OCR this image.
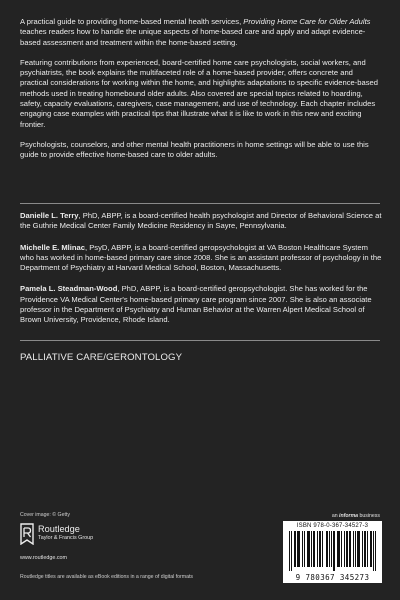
A practical guide to providing home-based mental health services, Providing Home Care for Older Adults teaches readers how to handle the unique aspects of home-based care and apply and adapt evidence-based assessment and treatment within the home-based setting.

Featuring contributions from experienced, board-certified home care psychologists, social workers, and psychiatrists, the book explains the multifaceted role of a home-based provider, offers concrete and practical considerations for working within the home, and highlights adaptations to specific evidence-based methods used in treating homebound older adults. Also covered are special topics related to hoarding, safety, capacity evaluations, caregivers, case management, and use of technology. Each chapter includes engaging case examples with practical tips that illustrate what it is like to work in this new and exciting frontier.

Psychologists, counselors, and other mental health practitioners in home settings will be able to use this guide to provide effective home-based care to older adults.

Danielle L. Terry, PhD, ABPP, is a board-certified health psychologist and Director of Behavioral Science at the Guthrie Medical Center Family Medicine Residency in Sayre, Pennsylvania.

Michelle E. Mlinac, PsyD, ABPP, is a board-certified geropsychologist at VA Boston Healthcare System who has worked in home-based primary care since 2008. She is an assistant professor of psychology in the Department of Psychiatry at Harvard Medical School, Boston, Massachusetts.

Pamela L. Steadman-Wood, PhD, ABPP, is a board-certified geropsychologist. She has worked for the Providence VA Medical Center's home-based primary care program since 2007. She is also an associate professor in the Department of Psychiatry and Human Behavior at the Warren Alpert Medical School of Brown University, Providence, Rhode Island.

PALLIATIVE CARE/GERONTOLOGY
Cover image: © Getty
Routledge
Taylor & Francis Group
www.routledge.com
Routledge titles are available as eBook editions in a range of digital formats
an informa business
ISBN 978-0-367-34527-3
9 780367 345273
